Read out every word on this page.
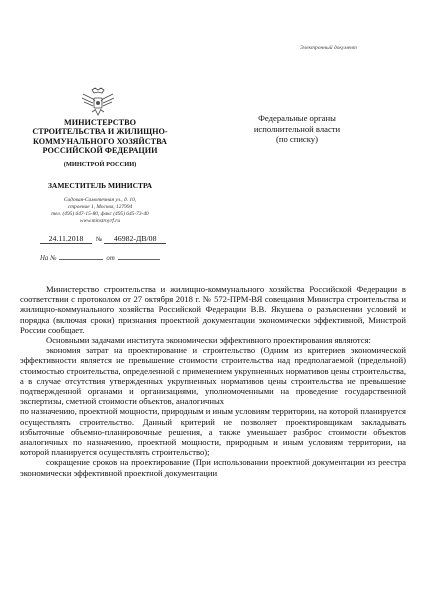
Электронный документ
МИНИСТЕРСТВО
СТРОИТЕЛЬСТВА И ЖИЛИЩНО-
КОММУНАЛЬНОГО ХОЗЯЙСТВА
РОССИЙСКОЙ ФЕДЕРАЦИИ
(МИНСТРОЙ РОССИИ)
ЗАМЕСТИТЕЛЬ МИНИСТРА
Садовая-Самотечная ул., д. 10,
строение 1, Москва, 127994
тел. (495) 647-15-80, факс (495) 645-73-40
www.minstroyrf.ru
24.11.2018 № 46982-ДВ/08
На №	от
Федеральные органы
исполнительной власти
(по списку)

Министерство строительства и жилищно-коммунального хозяйства Российской Федерации в соответствии с протоколом от 27 октября 2018 г. № 572-ПРМ-ВЯ совещания Министра строительства и жилищно-коммунального хозяйства Российской Федерации В.В. Якушева о разъяснении условий и порядка (включая сроки) признания проектной документации экономически эффективной, Минстрой России сообщает.

Основными задачами института экономически эффективного проектирования являются:

экономия затрат на проектирование и строительство (Одним из критериев экономической эффективности является не превышение стоимости строительства над предполагаемой (предельной) стоимостью строительства, определенной с применением укрупненных нормативов цены строительства, а в случае отсутствия утвержденных укрупненных нормативов цены строительства не превышение подтвержденной органами и организациями, уполномоченными на проведение государственной экспертизы, сметной стоимости объектов, аналогичных

по назначению, проектной мощности, природным и иным условиям территории, на которой планируется осуществлять строительство. Данный критерий не позволяет проектировщикам закладывать избыточные объемно-планировочные решения, а также уменьшает разброс стоимости объектов аналогичных по назначению, проектной мощности, природным и иным условиям территории, на которой планируется осуществлять строительство);

сокращение сроков на проектирование (При использовании проектной документации из реестра экономически эффективной проектной документации
